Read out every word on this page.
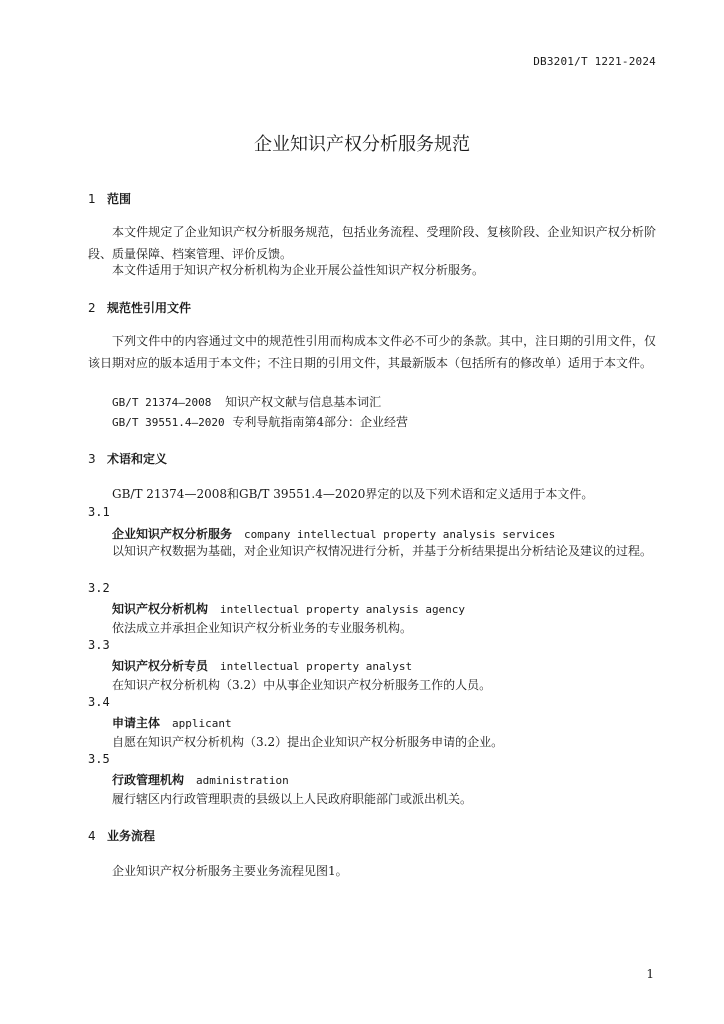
DB3201/T 1221-2024
企业知识产权分析服务规范
1 范围
本文件规定了企业知识产权分析服务规范，包括业务流程、受理阶段、复核阶段、企业知识产权分析阶段、质量保障、档案管理、评价反馈。
本文件适用于知识产权分析机构为企业开展公益性知识产权分析服务。
2 规范性引用文件
下列文件中的内容通过文中的规范性引用而构成本文件必不可少的条款。其中，注日期的引用文件，仅该日期对应的版本适用于本文件；不注日期的引用文件，其最新版本（包括所有的修改单）适用于本文件。
GB/T 21374—2008 知识产权文献与信息基本词汇
GB/T 39551.4—2020 专利导航指南第4部分：企业经营
3 术语和定义
GB/T 21374—2008和GB/T 39551.4—2020界定的以及下列术语和定义适用于本文件。
3.1
企业知识产权分析服务 company intellectual property analysis services
以知识产权数据为基础，对企业知识产权情况进行分析，并基于分析结果提出分析结论及建议的过程。
3.2
知识产权分析机构 intellectual property analysis agency
依法成立并承担企业知识产权分析业务的专业服务机构。
3.3
知识产权分析专员 intellectual property analyst
在知识产权分析机构（3.2）中从事企业知识产权分析服务工作的人员。
3.4
申请主体 applicant
自愿在知识产权分析机构（3.2）提出企业知识产权分析服务申请的企业。
3.5
行政管理机构 administration
履行辖区内行政管理职责的县级以上人民政府职能部门或派出机关。
4 业务流程
企业知识产权分析服务主要业务流程见图1。
1
